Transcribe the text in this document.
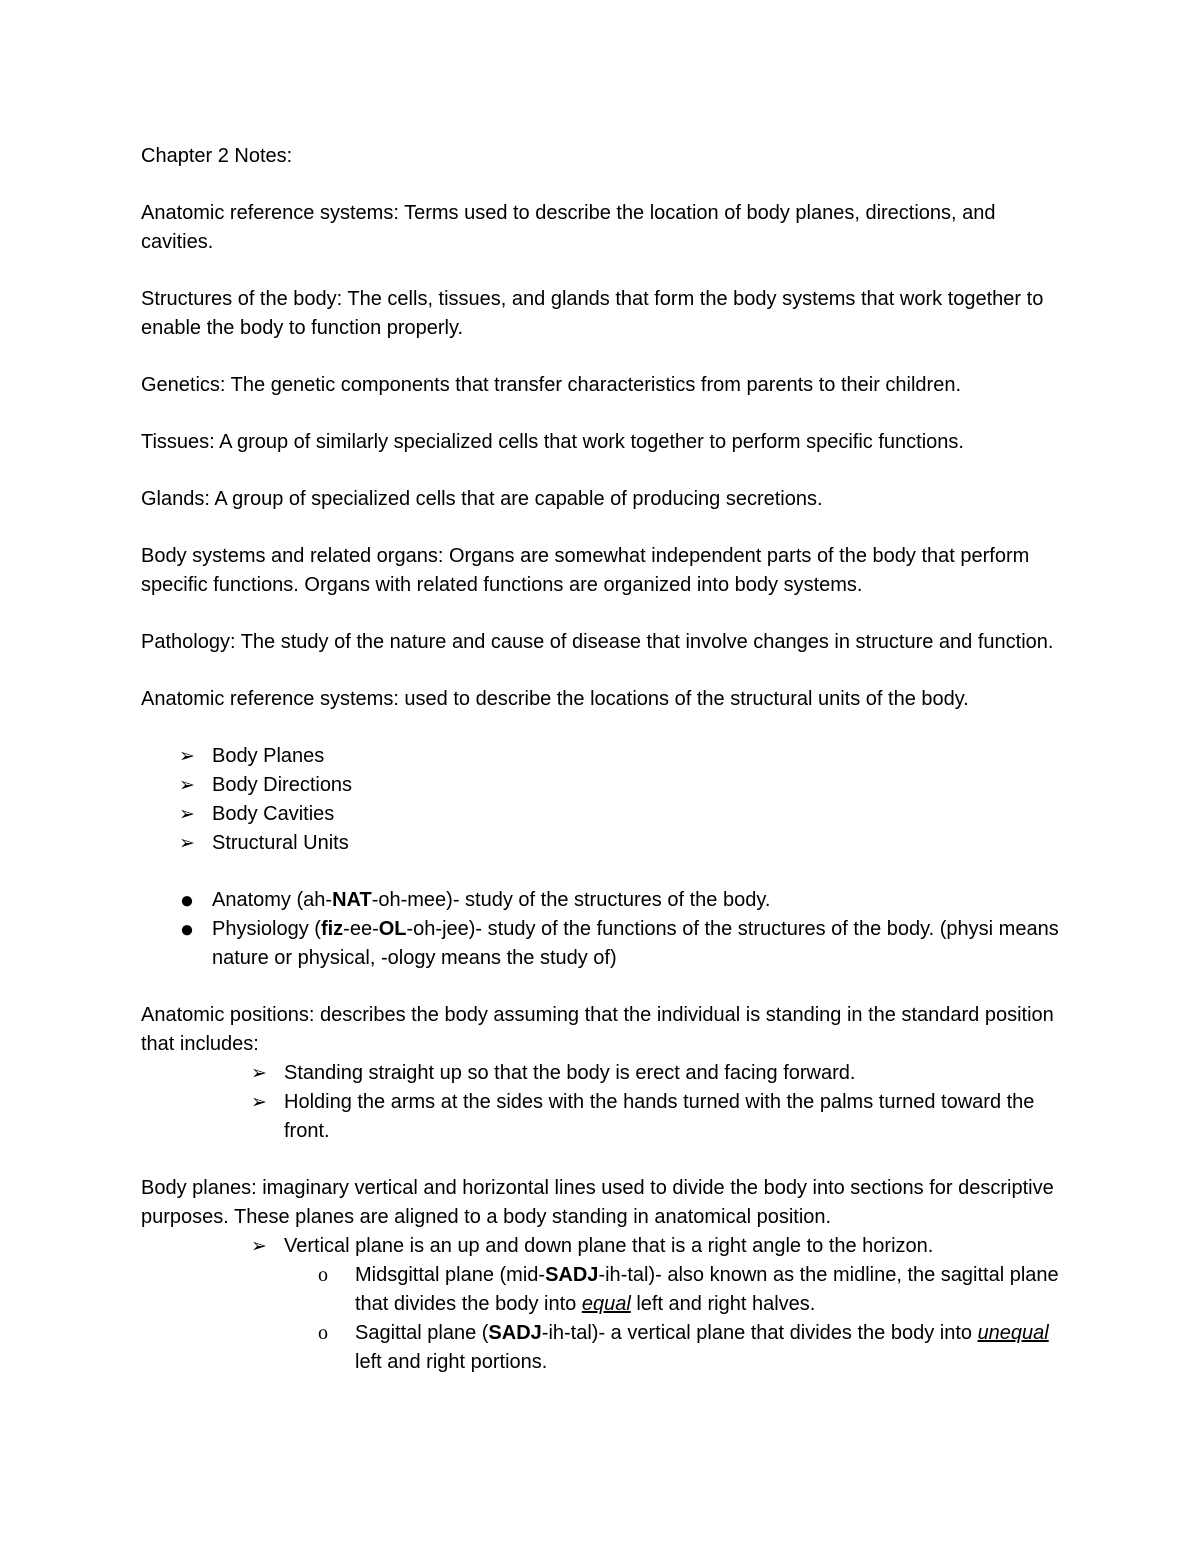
Chapter 2 Notes:

Anatomic reference systems: Terms used to describe the location of body planes, directions, and cavities.

Structures of the body: The cells, tissues, and glands that form the body systems that work together to enable the body to function properly.

Genetics: The genetic components that transfer characteristics from parents to their children.

Tissues: A group of similarly specialized cells that work together to perform specific functions.

Glands: A group of specialized cells that are capable of producing secretions.

Body systems and related organs: Organs are somewhat independent parts of the body that perform specific functions. Organs with related functions are organized into body systems.

Pathology: The study of the nature and cause of disease that involve changes in structure and function.

Anatomic reference systems: used to describe the locations of the structural units of the body.

➢ Body Planes
➢ Body Directions
➢ Body Cavities
➢ Structural Units
● Anatomy (ah-NAT-oh-mee)- study of the structures of the body.
● Physiology (fiz-ee-OL-oh-jee)- study of the functions of the structures of the body. (physi means nature or physical, -ology means the study of)

Anatomic positions: describes the body assuming that the individual is standing in the standard position that includes:

➢ Standing straight up so that the body is erect and facing forward.
➢ Holding the arms at the sides with the hands turned with the palms turned toward the front.

Body planes: imaginary vertical and horizontal lines used to divide the body into sections for descriptive purposes. These planes are aligned to a body standing in anatomical position.

➢ Vertical plane is an up and down plane that is a right angle to the horizon.
o	Midsgittal plane (mid-SADJ-ih-tal)- also known as the midline, the sagittal plane that divides the body into equal left and right halves.
o	Sagittal plane (SADJ-ih-tal)- a vertical plane that divides the body into unequal left and right portions.
